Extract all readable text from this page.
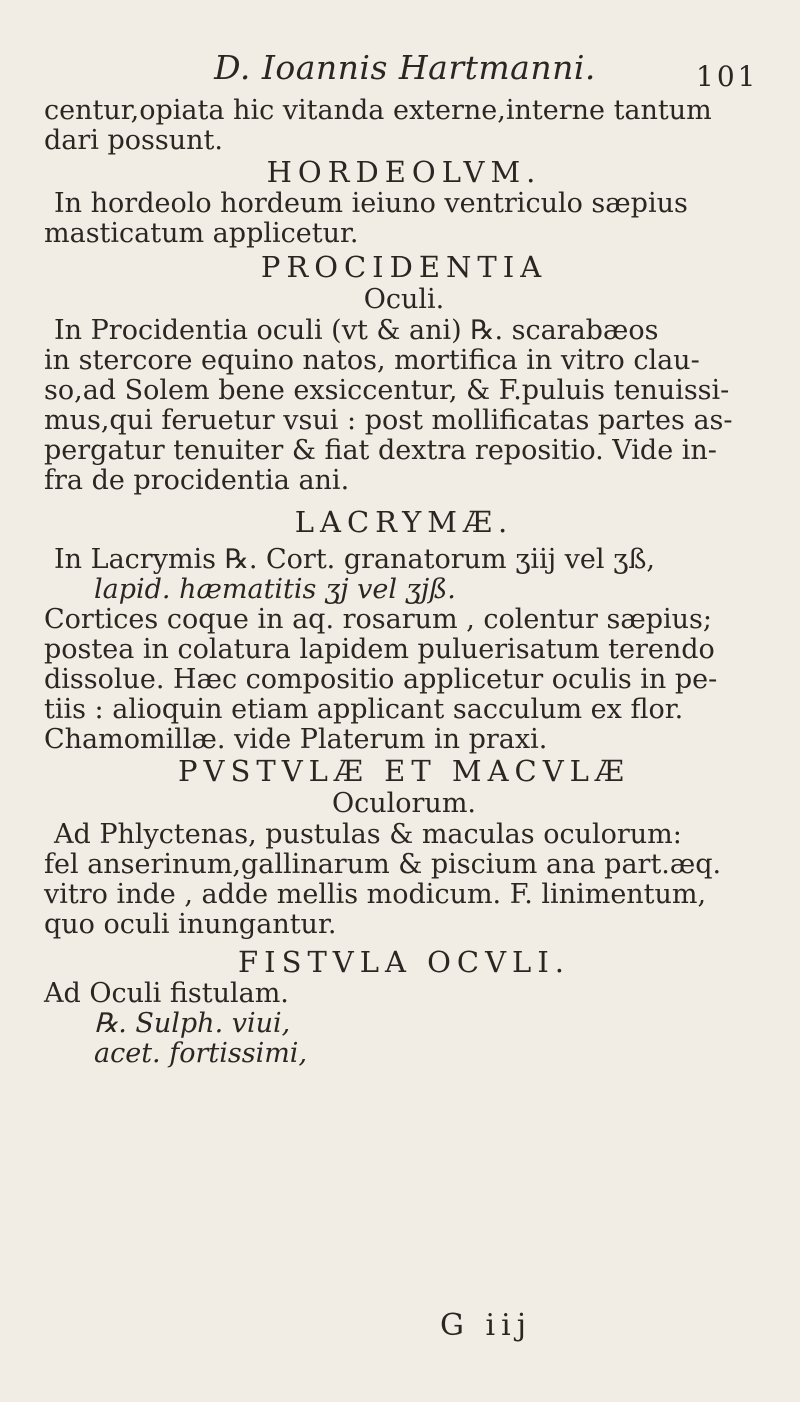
D. Ioannis Hartmanni.	101
centur,opiata hic vitanda externe,interne tantum
dari possunt.
HORDEOLVM.
In hordeolo hordeum ieiuno ventriculo sæpius
masticatum applicetur.
PROCIDENTIA
Oculi.
In Procidentia oculi (vt & ani) ℞. scarabæos
in stercore equino natos, mortifica in vitro clau-
so,ad Solem bene exsiccentur, & F.puluis tenuissi-
mus,qui feruetur vsui : post mollificatas partes as-
pergatur tenuiter & fiat dextra repositio. Vide in-
fra de procidentia ani.
LACRYMÆ.
In Lacrymis ℞. Cort. granatorum ʒiij vel ʒß,
lapid. hæmatitis ʒj vel ʒjß.
Cortices coque in aq. rosarum , colentur sæpius;
postea in colatura lapidem puluerisatum terendo
dissolue. Hæc compositio applicetur oculis in pe-
tiis : alioquin etiam applicant sacculum ex flor.
Chamomillæ. vide Platerum in praxi.
PVSTVLÆ ET MACVLÆ
Oculorum.
Ad Phlyctenas, pustulas & maculas oculorum:
fel anserinum,gallinarum & piscium ana part.æq.
vitro inde , adde mellis modicum. F. linimentum,
quo oculi inungantur.
FISTVLA OCVLI.
Ad Oculi fistulam.
℞. Sulph. viui,
acet. fortissimi,
G iij
